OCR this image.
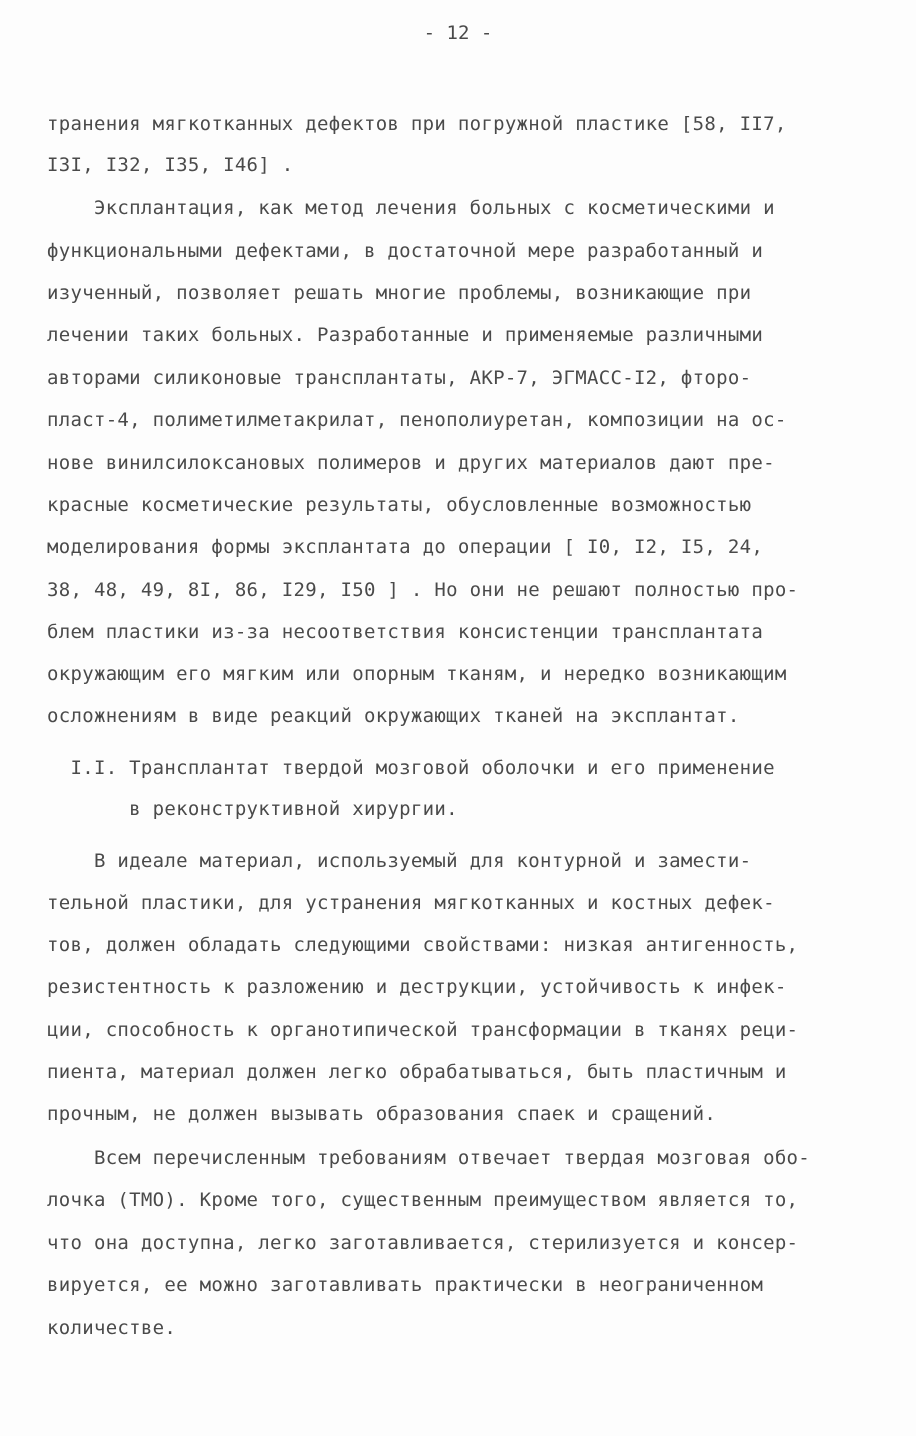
- 12 -

транения мягкотканных дефектов при погружной пластике [58, II7,

I3I, I32, I35, I46] .

Эксплантация, как метод лечения больных с косметическими и

функциональными дефектами, в достаточной мере разработанный и

изученный, позволяет решать многие проблемы, возникающие при

лечении таких больных. Разработанные и применяемые различными

авторами силиконовые трансплантаты, АКР-7, ЭГМАСС-I2, фторо-

пласт-4, полиметилметакрилат, пенополиуретан, композиции на ос-

нове винилсилоксановых полимеров и других материалов дают пре-

красные косметические результаты, обусловленные возможностью

моделирования формы эксплантата до операции [ I0, I2, I5, 24,

38, 48, 49, 8I, 86, I29, I50 ] . Но они не решают полностью про-

блем пластики из-за несоответствия консистенции трансплантата

окружающим его мягким или опорным тканям, и нередко возникающим

осложнениям в виде реакций окружающих тканей на эксплантат.

I.I. Трансплантат твердой мозговой оболочки и его применение

в реконструктивной хирургии.

В идеале материал, используемый для контурной и замести-

тельной пластики, для устранения мягкотканных и костных дефек-

тов, должен обладать следующими свойствами: низкая антигенность,

резистентность к разложению и деструкции, устойчивость к инфек-

ции, способность к органотипической трансформации в тканях реци-

пиента, материал должен легко обрабатываться, быть пластичным и

прочным, не должен вызывать образования спаек и сращений.

Всем перечисленным требованиям отвечает твердая мозговая обо-

лочка (ТМО). Кроме того, существенным преимуществом является то,

что она доступна, легко заготавливается, стерилизуется и консер-

вируется, ее можно заготавливать практически в неограниченном

количестве.
